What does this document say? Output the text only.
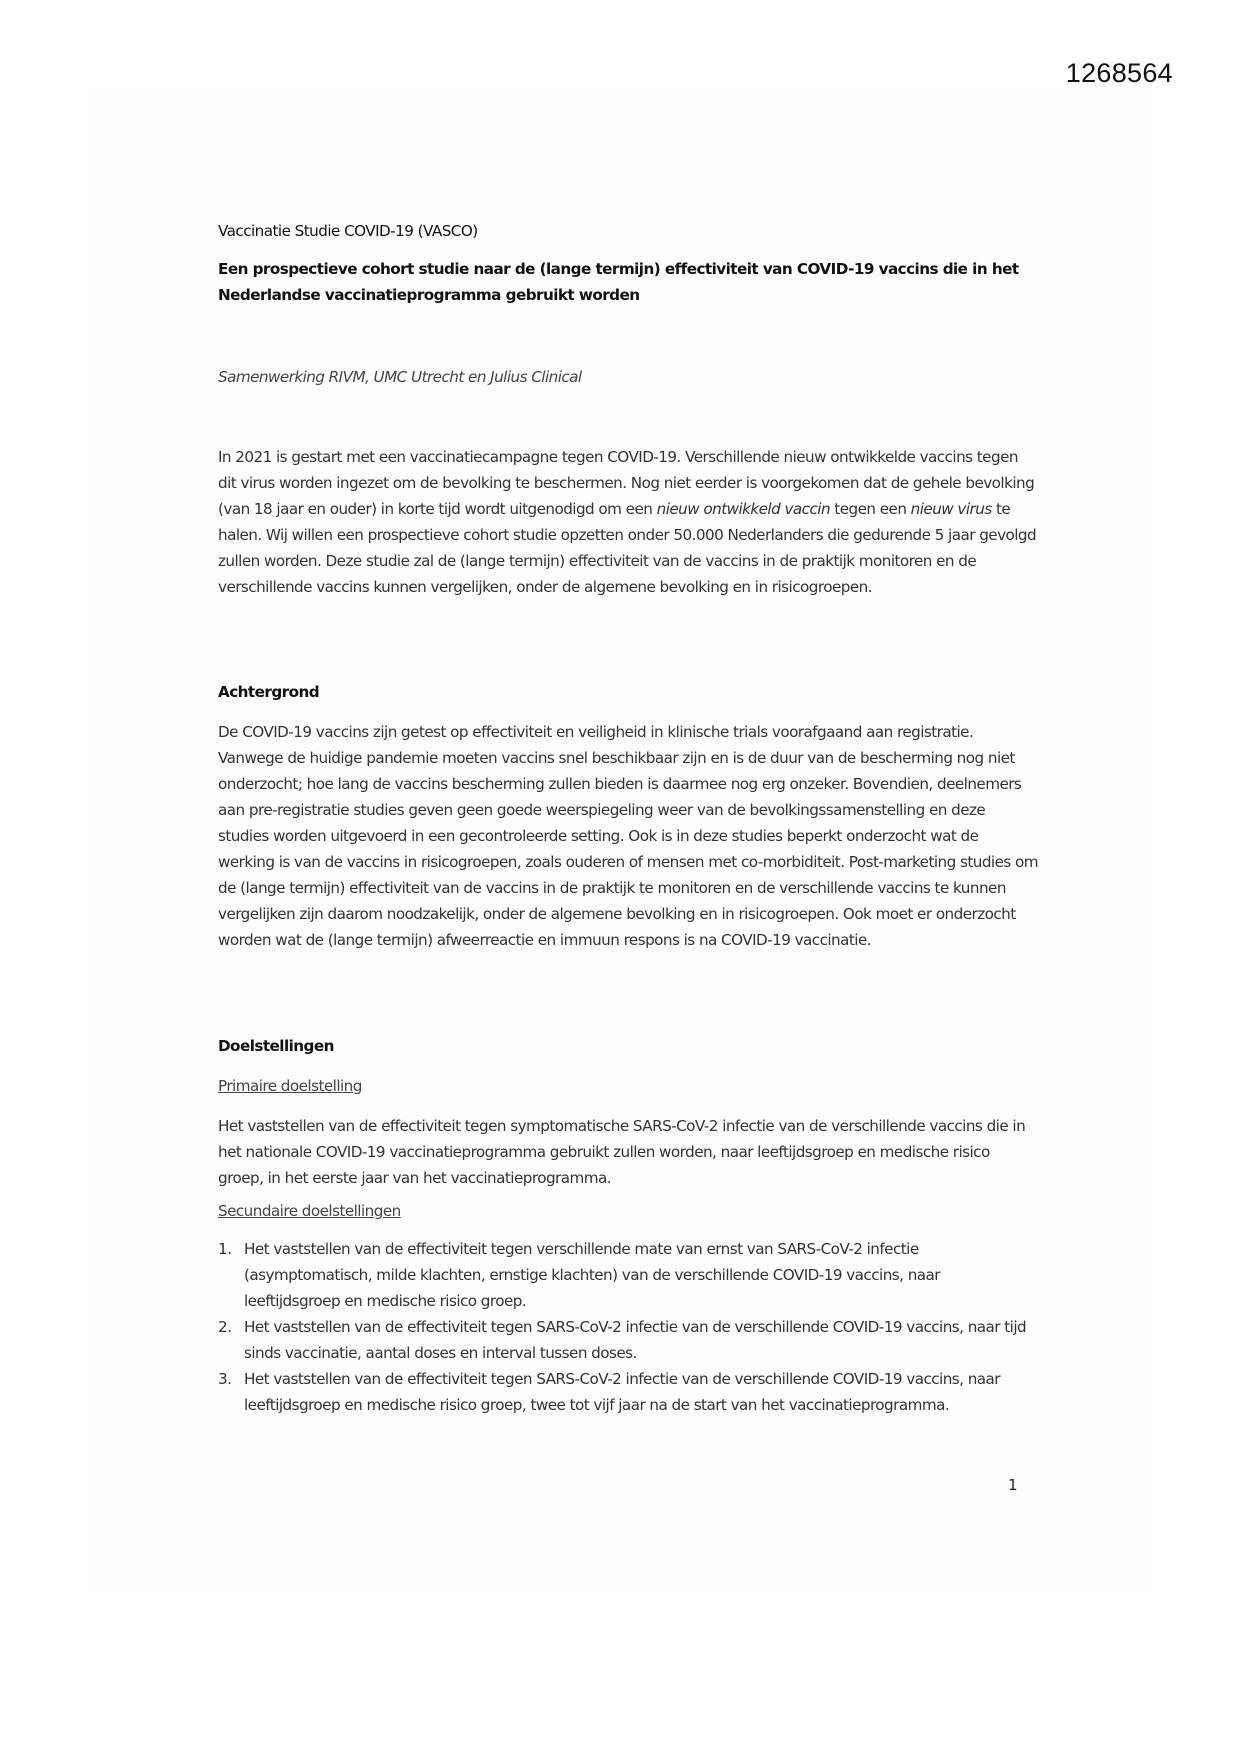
1268564

Vaccinatie Studie COVID-19 (VASCO)

Een prospectieve cohort studie naar de (lange termijn) effectiviteit van COVID-19 vaccins die in het Nederlandse vaccinatieprogramma gebruikt worden

Samenwerking RIVM, UMC Utrecht en Julius Clinical

In 2021 is gestart met een vaccinatiecampagne tegen COVID-19. Verschillende nieuw ontwikkelde vaccins tegen dit virus worden ingezet om de bevolking te beschermen. Nog niet eerder is voorgekomen dat de gehele bevolking (van 18 jaar en ouder) in korte tijd wordt uitgenodigd om een nieuw ontwikkeld vaccin tegen een nieuw virus te halen. Wij willen een prospectieve cohort studie opzetten onder 50.000 Nederlanders die gedurende 5 jaar gevolgd zullen worden. Deze studie zal de (lange termijn) effectiviteit van de vaccins in de praktijk monitoren en de verschillende vaccins kunnen vergelijken, onder de algemene bevolking en in risicogroepen.

Achtergrond

De COVID-19 vaccins zijn getest op effectiviteit en veiligheid in klinische trials voorafgaand aan registratie. Vanwege de huidige pandemie moeten vaccins snel beschikbaar zijn en is de duur van de bescherming nog niet onderzocht; hoe lang de vaccins bescherming zullen bieden is daarmee nog erg onzeker. Bovendien, deelnemers aan pre-registratie studies geven geen goede weerspiegeling weer van de bevolkingssamenstelling en deze studies worden uitgevoerd in een gecontroleerde setting. Ook is in deze studies beperkt onderzocht wat de werking is van de vaccins in risicogroepen, zoals ouderen of mensen met co-morbiditeit. Post-marketing studies om de (lange termijn) effectiviteit van de vaccins in de praktijk te monitoren en de verschillende vaccins te kunnen vergelijken zijn daarom noodzakelijk, onder de algemene bevolking en in risicogroepen. Ook moet er onderzocht worden wat de (lange termijn) afweerreactie en immuun respons is na COVID-19 vaccinatie.

Doelstellingen

Primaire doelstelling

Het vaststellen van de effectiviteit tegen symptomatische SARS-CoV-2 infectie van de verschillende vaccins die in het nationale COVID-19 vaccinatieprogramma gebruikt zullen worden, naar leeftijdsgroep en medische risico groep, in het eerste jaar van het vaccinatieprogramma.

Secundaire doelstellingen

1. Het vaststellen van de effectiviteit tegen verschillende mate van ernst van SARS-CoV-2 infectie (asymptomatisch, milde klachten, ernstige klachten) van de verschillende COVID-19 vaccins, naar leeftijdsgroep en medische risico groep.
2. Het vaststellen van de effectiviteit tegen SARS-CoV-2 infectie van de verschillende COVID-19 vaccins, naar tijd sinds vaccinatie, aantal doses en interval tussen doses.
3. Het vaststellen van de effectiviteit tegen SARS-CoV-2 infectie van de verschillende COVID-19 vaccins, naar leeftijdsgroep en medische risico groep, twee tot vijf jaar na de start van het vaccinatieprogramma.
1
